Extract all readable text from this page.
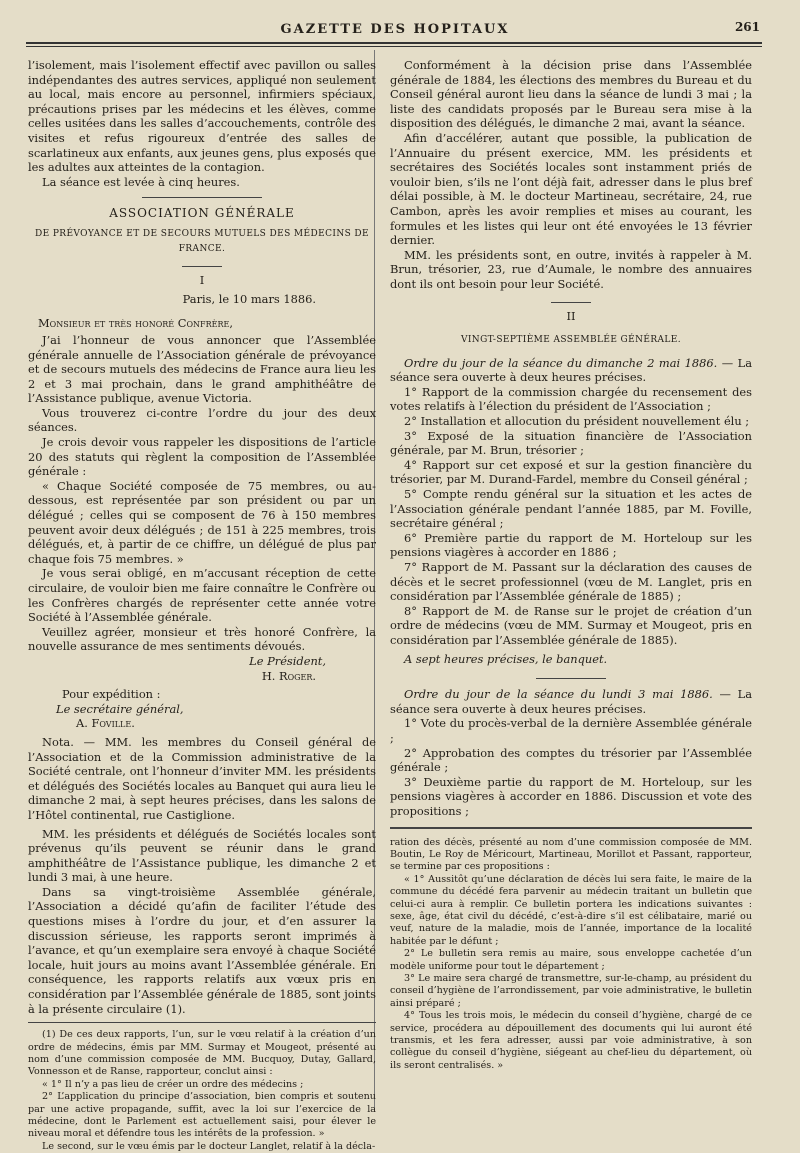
GAZETTE DES HOPITAUX	261

l’isolement, mais l’isolement effectif avec pavillon ou salles indépendantes des autres services, appliqué non seulement au local, mais encore au personnel, infirmiers spéciaux, précautions prises par les médecins et les élèves, comme celles usitées dans les salles d’accouchements, contrôle des visites et refus rigoureux d’entrée des salles de scarlatineux aux enfants, aux jeunes gens, plus exposés que les adultes aux atteintes de la contagion.

La séance est levée à cinq heures.

ASSOCIATION GÉNÉRALE

DE PRÉVOYANCE ET DE SECOURS MUTUELS DES MÉDECINS DE FRANCE.

I

Paris, le 10 mars 1886.

Monsieur et très honoré Confrère,

J’ai l’honneur de vous annoncer que l’Assemblée générale annuelle de l’Association générale de prévoyance et de secours mutuels des médecins de France aura lieu les 2 et 3 mai prochain, dans le grand amphithéâtre de l’Assistance publique, avenue Victoria.

Vous trouverez ci-contre l’ordre du jour des deux séances.

Je crois devoir vous rappeler les dispositions de l’article 20 des statuts qui règlent la composition de l’Assemblée générale :

« Chaque Société composée de 75 membres, ou au-dessous, est représentée par son président ou par un délégué ; celles qui se composent de 76 à 150 membres peuvent avoir deux délégués ; de 151 à 225 membres, trois délégués, et, à partir de ce chiffre, un délégué de plus par chaque fois 75 membres. »

Je vous serai obligé, en m’accusant réception de cette circulaire, de vouloir bien me faire connaître le Confrère ou les Confrères chargés de représenter cette année votre Société à l’Assemblée générale.

Veuillez agréer, monsieur et très honoré Confrère, la nouvelle assurance de mes sentiments dévoués.

Le Président,

H. Roger.

Pour expédition :

Le secrétaire général,

A. Foville.

Nota. — MM. les membres du Conseil général de l’Association et de la Commission administrative de la Société centrale, ont l’honneur d’inviter MM. les présidents et délégués des Sociétés locales au Banquet qui aura lieu le dimanche 2 mai, à sept heures précises, dans les salons de l’Hôtel continental, rue Castiglione.

MM. les présidents et délégués de Sociétés locales sont prévenus qu’ils peuvent se réunir dans le grand amphithéâtre de l’Assistance publique, les dimanche 2 et lundi 3 mai, à une heure.

Dans sa vingt-troisième Assemblée générale, l’Association a décidé qu’afin de faciliter l’étude des questions mises à l’ordre du jour, et d’en assurer la discussion sérieuse, les rapports seront imprimés à l’avance, et qu’un exemplaire sera envoyé à chaque Société locale, huit jours au moins avant l’Assemblée générale. En conséquence, les rapports relatifs aux vœux pris en considération par l’Assemblée générale de 1885, sont joints à la présente circulaire (1).

(1) De ces deux rapports, l’un, sur le vœu relatif à la création d’un ordre de médecins, émis par MM. Surmay et Mougeot, présenté au nom d’une commission composée de MM. Bucquoy, Dutay, Gallard, Vonnesson et de Ranse, rapporteur, conclut ainsi :

« 1° Il n’y a pas lieu de créer un ordre des médecins ;

2° L’application du principe d’association, bien compris et soutenu par une active propagande, suffit, avec la loi sur l’exercice de la médecine, dont le Parlement est actuellement saisi, pour élever le niveau moral et défendre tous les intérêts de la profession. »

Le second, sur le vœu émis par le docteur Langlet, relatif à la décla-

Conformément à la décision prise dans l’Assemblée générale de 1884, les élections des membres du Bureau et du Conseil général auront lieu dans la séance de lundi 3 mai ; la liste des candidats proposés par le Bureau sera mise à la disposition des délégués, le dimanche 2 mai, avant la séance.

Afin d’accélérer, autant que possible, la publication de l’Annuaire du présent exercice, MM. les présidents et secrétaires des Sociétés locales sont instamment priés de vouloir bien, s’ils ne l’ont déjà fait, adresser dans le plus bref délai possible, à M. le docteur Martineau, secrétaire, 24, rue Cambon, après les avoir remplies et mises au courant, les formules et les listes qui leur ont été envoyées le 13 février dernier.

MM. les présidents sont, en outre, invités à rappeler à M. Brun, trésorier, 23, rue d’Aumale, le nombre des annuaires dont ils ont besoin pour leur Société.

II

VINGT-SEPTIÈME ASSEMBLÉE GÉNÉRALE.

Ordre du jour de la séance du dimanche 2 mai 1886. — La séance sera ouverte à deux heures précises.

1° Rapport de la commission chargée du recensement des votes relatifs à l’élection du président de l’Association ;

2° Installation et allocution du président nouvellement élu ;

3° Exposé de la situation financière de l’Association générale, par M. Brun, trésorier ;

4° Rapport sur cet exposé et sur la gestion financière du trésorier, par M. Durand-Fardel, membre du Conseil général ;

5° Compte rendu général sur la situation et les actes de l’Association générale pendant l’année 1885, par M. Foville, secrétaire général ;

6° Première partie du rapport de M. Horteloup sur les pensions viagères à accorder en 1886 ;

7° Rapport de M. Passant sur la déclaration des causes de décès et le secret professionnel (vœu de M. Langlet, pris en considération par l’Assemblée générale de 1885) ;

8° Rapport de M. de Ranse sur le projet de création d’un ordre de médecins (vœu de MM. Surmay et Mougeot, pris en considération par l’Assemblée générale de 1885).

A sept heures précises, le banquet.

Ordre du jour de la séance du lundi 3 mai 1886. — La séance sera ouverte à deux heures précises.

1° Vote du procès-verbal de la dernière Assemblée générale ;

2° Approbation des comptes du trésorier par l’Assemblée générale ;

3° Deuxième partie du rapport de M. Horteloup, sur les pensions viagères à accorder en 1886. Discussion et vote des propositions ;

ration des décès, présenté au nom d’une commission composée de MM. Boutin, Le Roy de Méricourt, Martineau, Morillot et Passant, rapporteur, se termine par ces propositions :

« 1° Aussitôt qu’une déclaration de décès lui sera faite, le maire de la commune du décédé fera parvenir au médecin traitant un bulletin que celui-ci aura à remplir. Ce bulletin portera les indications suivantes : sexe, âge, état civil du décédé, c’est-à-dire s’il est célibataire, marié ou veuf, nature de la maladie, mois de l’année, importance de la localité habitée par le défunt ;

2° Le bulletin sera remis au maire, sous enveloppe cachetée d’un modèle uniforme pour tout le département ;

3° Le maire sera chargé de transmettre, sur-le-champ, au président du conseil d’hygiène de l’arrondissement, par voie administrative, le bulletin ainsi préparé ;

4° Tous les trois mois, le médecin du conseil d’hygiène, chargé de ce service, procédera au dépouillement des documents qui lui auront été transmis, et les fera adresser, aussi par voie administrative, à son collègue du conseil d’hygiène, siégeant au chef-lieu du département, où ils seront centralisés. »
